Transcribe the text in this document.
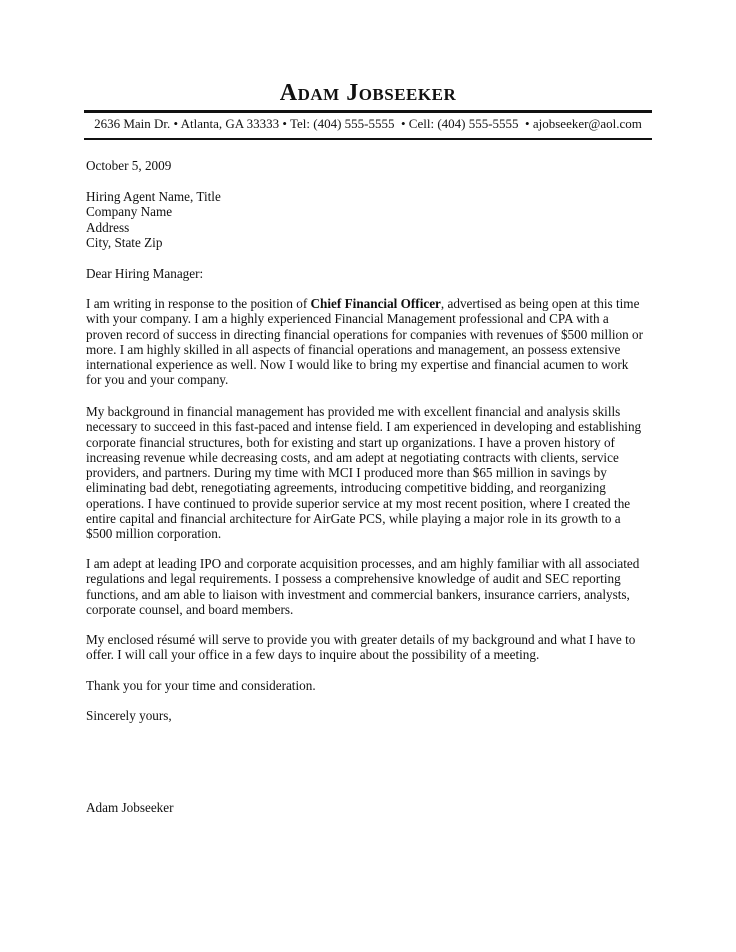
Adam Jobseeker
2636 Main Dr. • Atlanta, GA 33333 • Tel: (404) 555-5555  • Cell: (404) 555-5555  • ajobseeker@aol.com

October 5, 2009

Hiring Agent Name, Title
Company Name
Address
City, State Zip

Dear Hiring Manager:

I am writing in response to the position of Chief Financial Officer, advertised as being open at this time
with your company. I am a highly experienced Financial Management professional and CPA with a
proven record of success in directing financial operations for companies with revenues of $500 million or
more. I am highly skilled in all aspects of financial operations and management, an possess extensive
international experience as well. Now I would like to bring my expertise and financial acumen to work
for you and your company.

My background in financial management has provided me with excellent financial and analysis skills
necessary to succeed in this fast-paced and intense field. I am experienced in developing and establishing
corporate financial structures, both for existing and start up organizations. I have a proven history of
increasing revenue while decreasing costs, and am adept at negotiating contracts with clients, service
providers, and partners. During my time with MCI I produced more than $65 million in savings by
eliminating bad debt, renegotiating agreements, introducing competitive bidding, and reorganizing
operations. I have continued to provide superior service at my most recent position, where I created the
entire capital and financial architecture for AirGate PCS, while playing a major role in its growth to a
$500 million corporation.

I am adept at leading IPO and corporate acquisition processes, and am highly familiar with all associated
regulations and legal requirements. I possess a comprehensive knowledge of audit and SEC reporting
functions, and am able to liaison with investment and commercial bankers, insurance carriers, analysts,
corporate counsel, and board members.

My enclosed résumé will serve to provide you with greater details of my background and what I have to
offer. I will call your office in a few days to inquire about the possibility of a meeting.

Thank you for your time and consideration.

Sincerely yours,

Adam Jobseeker
